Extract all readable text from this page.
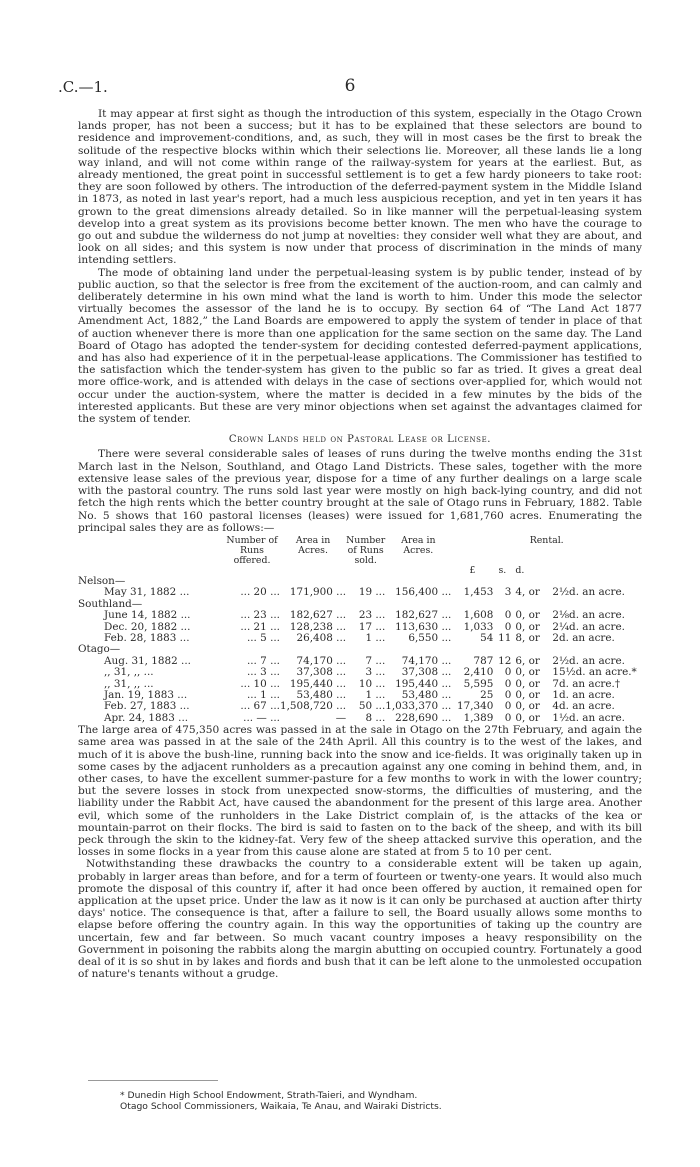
.C.—1.	6

It may appear at first sight as though the introduction of this system, especially in the Otago Crown lands proper, has not been a success; but it has to be explained that these selectors are bound to residence and improvement-conditions, and, as such, they will in most cases be the first to break the solitude of the respective blocks within which their selections lie. Moreover, all these lands lie a long way inland, and will not come within range of the railway-system for years at the earliest. But, as already mentioned, the great point in successful settlement is to get a few hardy pioneers to take root: they are soon followed by others. The introduction of the deferred-payment system in the Middle Island in 1873, as noted in last year's report, had a much less auspicious reception, and yet in ten years it has grown to the great dimensions already detailed. So in like manner will the perpetual-leasing system develop into a great system as its provisions become better known. The men who have the courage to go out and subdue the wilderness do not jump at novelties: they consider well what they are about, and look on all sides; and this system is now under that process of discrimination in the minds of many intending settlers.

The mode of obtaining land under the perpetual-leasing system is by public tender, instead of by public auction, so that the selector is free from the excitement of the auction-room, and can calmly and deliberately determine in his own mind what the land is worth to him. Under this mode the selector virtually becomes the assessor of the land he is to occupy. By section 64 of “The Land Act 1877 Amendment Act, 1882,” the Land Boards are empowered to apply the system of tender in place of that of auction whenever there is more than one application for the same section on the same day. The Land Board of Otago has adopted the tender-system for deciding contested deferred-payment applications, and has also had experience of it in the perpetual-lease applications. The Commissioner has testified to the satisfaction which the tender-system has given to the public so far as tried. It gives a great deal more office-work, and is attended with delays in the case of sections over-applied for, which would not occur under the auction-system, where the matter is decided in a few minutes by the bids of the interested applicants. But these are very minor objections when set against the advantages claimed for the system of tender.

Crown Lands held on Pastoral Lease or License.

There were several considerable sales of leases of runs during the twelve months ending the 31st March last in the Nelson, Southland, and Otago Land Districts. These sales, together with the more extensive lease sales of the previous year, dispose for a time of any further dealings on a large scale with the pastoral country. The runs sold last year were mostly on high back-lying country, and did not fetch the high rents which the better country brought at the sale of Otago runs in February, 1882. Table No. 5 shows that 160 pastoral licenses (leases) were issued for 1,681,760 acres. Enumerating the principal sales they are as follows:—

	Number of Runs offered.	Area in Acres.	Number of Runs sold.	Area in Acres.	Rental.			
					£	s.	d.	
Nelson—								
May 31, 1882 ...	... 20 ...	171,900 ...	19 ...	156,400 ...	1,453	3	4, or	2½d. an acre.
Southland—								
June 14, 1882 ...	... 23 ...	182,627 ...	23 ...	182,627 ...	1,608	0	0, or	2⅛d. an acre.
Dec. 20, 1882 ...	... 21 ...	128,238 ...	17 ...	113,630 ...	1,033	0	0, or	2¼d. an acre.
Feb. 28, 1883 ...	... 5 ...	26,408 ...	1 ...	6,550 ...	54	11	8, or	2d. an acre.
Otago—								
Aug. 31, 1882 ...	... 7 ...	74,170 ...	7 ...	74,170 ...	787	12	6, or	2½d. an acre.
,, 31, ,, ...	... 3 ...	37,308 ...	3 ...	37,308 ...	2,410	0	0, or	15½d. an acre.*
,, 31, ,, ...	... 10 ...	195,440 ...	10 ...	195,440 ...	5,595	0	0, or	7d. an acre.†
Jan. 19, 1883 ...	... 1 ...	53,480 ...	1 ...	53,480 ...	25	0	0, or	1d. an acre.
Feb. 27, 1883 ...	... 67 ...	1,508,720 ...	50 ...	1,033,370 ...	17,340	0	0, or	4d. an acre.
Apr. 24, 1883 ...	... — ...	—	8 ...	228,690 ...	1,389	0	0, or	1½d. an acre.

The large area of 475,350 acres was passed in at the sale in Otago on the 27th February, and again the same area was passed in at the sale of the 24th April. All this country is to the west of the lakes, and much of it is above the bush-line, running back into the snow and ice-fields. It was originally taken up in some cases by the adjacent runholders as a precaution against any one coming in behind them, and, in other cases, to have the excellent summer-pasture for a few months to work in with the lower country; but the severe losses in stock from unexpected snow-storms, the difficulties of mustering, and the liability under the Rabbit Act, have caused the abandonment for the present of this large area. Another evil, which some of the runholders in the Lake District complain of, is the attacks of the kea or mountain-parrot on their flocks. The bird is said to fasten on to the back of the sheep, and with its bill peck through the skin to the kidney-fat. Very few of the sheep attacked survive this operation, and the losses in some flocks in a year from this cause alone are stated at from 5 to 10 per cent.

Notwithstanding these drawbacks the country to a considerable extent will be taken up again, probably in larger areas than before, and for a term of fourteen or twenty-one years. It would also much promote the disposal of this country if, after it had once been offered by auction, it remained open for application at the upset price. Under the law as it now is it can only be purchased at auction after thirty days' notice. The consequence is that, after a failure to sell, the Board usually allows some months to elapse before offering the country again. In this way the opportunities of taking up the country are uncertain, few and far between. So much vacant country imposes a heavy responsibility on the Government in poisoning the rabbits along the margin abutting on occupied country. Fortunately a good deal of it is so shut in by lakes and fiords and bush that it can be left alone to the unmolested occupation of nature's tenants without a grudge.

* Dunedin High School Endowment, Strath-Taieri, and Wyndham.

Otago School Commissioners, Waikaia, Te Anau, and Wairaki Districts.
